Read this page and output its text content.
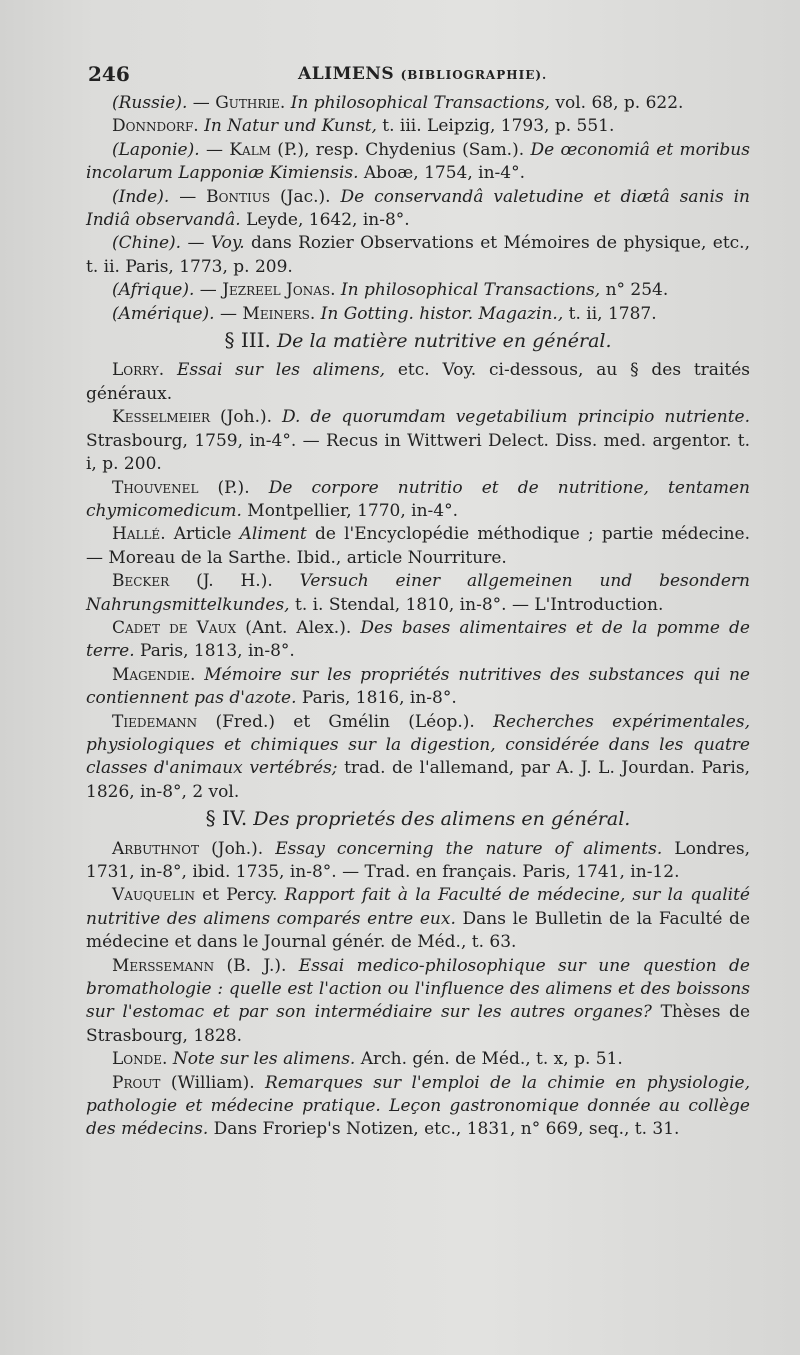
246	ALIMENS (BIBLIOGRAPHIE).

(Russie). — Guthrie. In philosophical Transactions, vol. 68, p. 622.

Donndorf. In Natur und Kunst, t. iii. Leipzig, 1793, p. 551.

(Laponie). — Kalm (P.), resp. Chydenius (Sam.). De œconomiâ et moribus incolarum Lapponiæ Kimiensis. Aboæ, 1754, in-4°.

(Inde). — Bontius (Jac.). De conservandâ valetudine et diætâ sanis in Indiâ observandâ. Leyde, 1642, in-8°.

(Chine). — Voy. dans Rozier Observations et Mémoires de physique, etc., t. ii. Paris, 1773, p. 209.

(Afrique). — Jezreel Jonas. In philosophical Transactions, n° 254.

(Amérique). — Meiners. In Gotting. histor. Magazin., t. ii, 1787.

§ III. De la matière nutritive en général.

Lorry. Essai sur les alimens, etc. Voy. ci-dessous, au § des traités généraux.

Kesselmeier (Joh.). D. de quorumdam vegetabilium principio nutriente. Strasbourg, 1759, in-4°. — Recus in Wittweri Delect. Diss. med. argentor. t. i, p. 200.

Thouvenel (P.). De corpore nutritio et de nutritione, tentamen chymicomedicum. Montpellier, 1770, in-4°.

Hallé. Article Aliment de l'Encyclopédie méthodique ; partie médecine. — Moreau de la Sarthe. Ibid., article Nourriture.

Becker (J. H.). Versuch einer allgemeinen und besondern Nahrungsmittelkundes, t. i. Stendal, 1810, in-8°. — L'Introduction.

Cadet de Vaux (Ant. Alex.). Des bases alimentaires et de la pomme de terre. Paris, 1813, in-8°.

Magendie. Mémoire sur les propriétés nutritives des substances qui ne contiennent pas d'azote. Paris, 1816, in-8°.

Tiedemann (Fred.) et Gmélin (Léop.). Recherches expérimentales, physiologiques et chimiques sur la digestion, considérée dans les quatre classes d'animaux vertébrés; trad. de l'allemand, par A. J. L. Jourdan. Paris, 1826, in-8°, 2 vol.

§ IV. Des proprietés des alimens en général.

Arbuthnot (Joh.). Essay concerning the nature of aliments. Londres, 1731, in-8°, ibid. 1735, in-8°. — Trad. en français. Paris, 1741, in-12.

Vauquelin et Percy. Rapport fait à la Faculté de médecine, sur la qualité nutritive des alimens comparés entre eux. Dans le Bulletin de la Faculté de médecine et dans le Journal génér. de Méd., t. 63.

Merssemann (B. J.). Essai medico-philosophique sur une question de bromathologie : quelle est l'action ou l'influence des alimens et des boissons sur l'estomac et par son intermédiaire sur les autres organes? Thèses de Strasbourg, 1828.

Londe. Note sur les alimens. Arch. gén. de Méd., t. x, p. 51.

Prout (William). Remarques sur l'emploi de la chimie en physiologie, pathologie et médecine pratique. Leçon gastronomique donnée au collège des médecins. Dans Froriep's Notizen, etc., 1831, n° 669, seq., t. 31.
